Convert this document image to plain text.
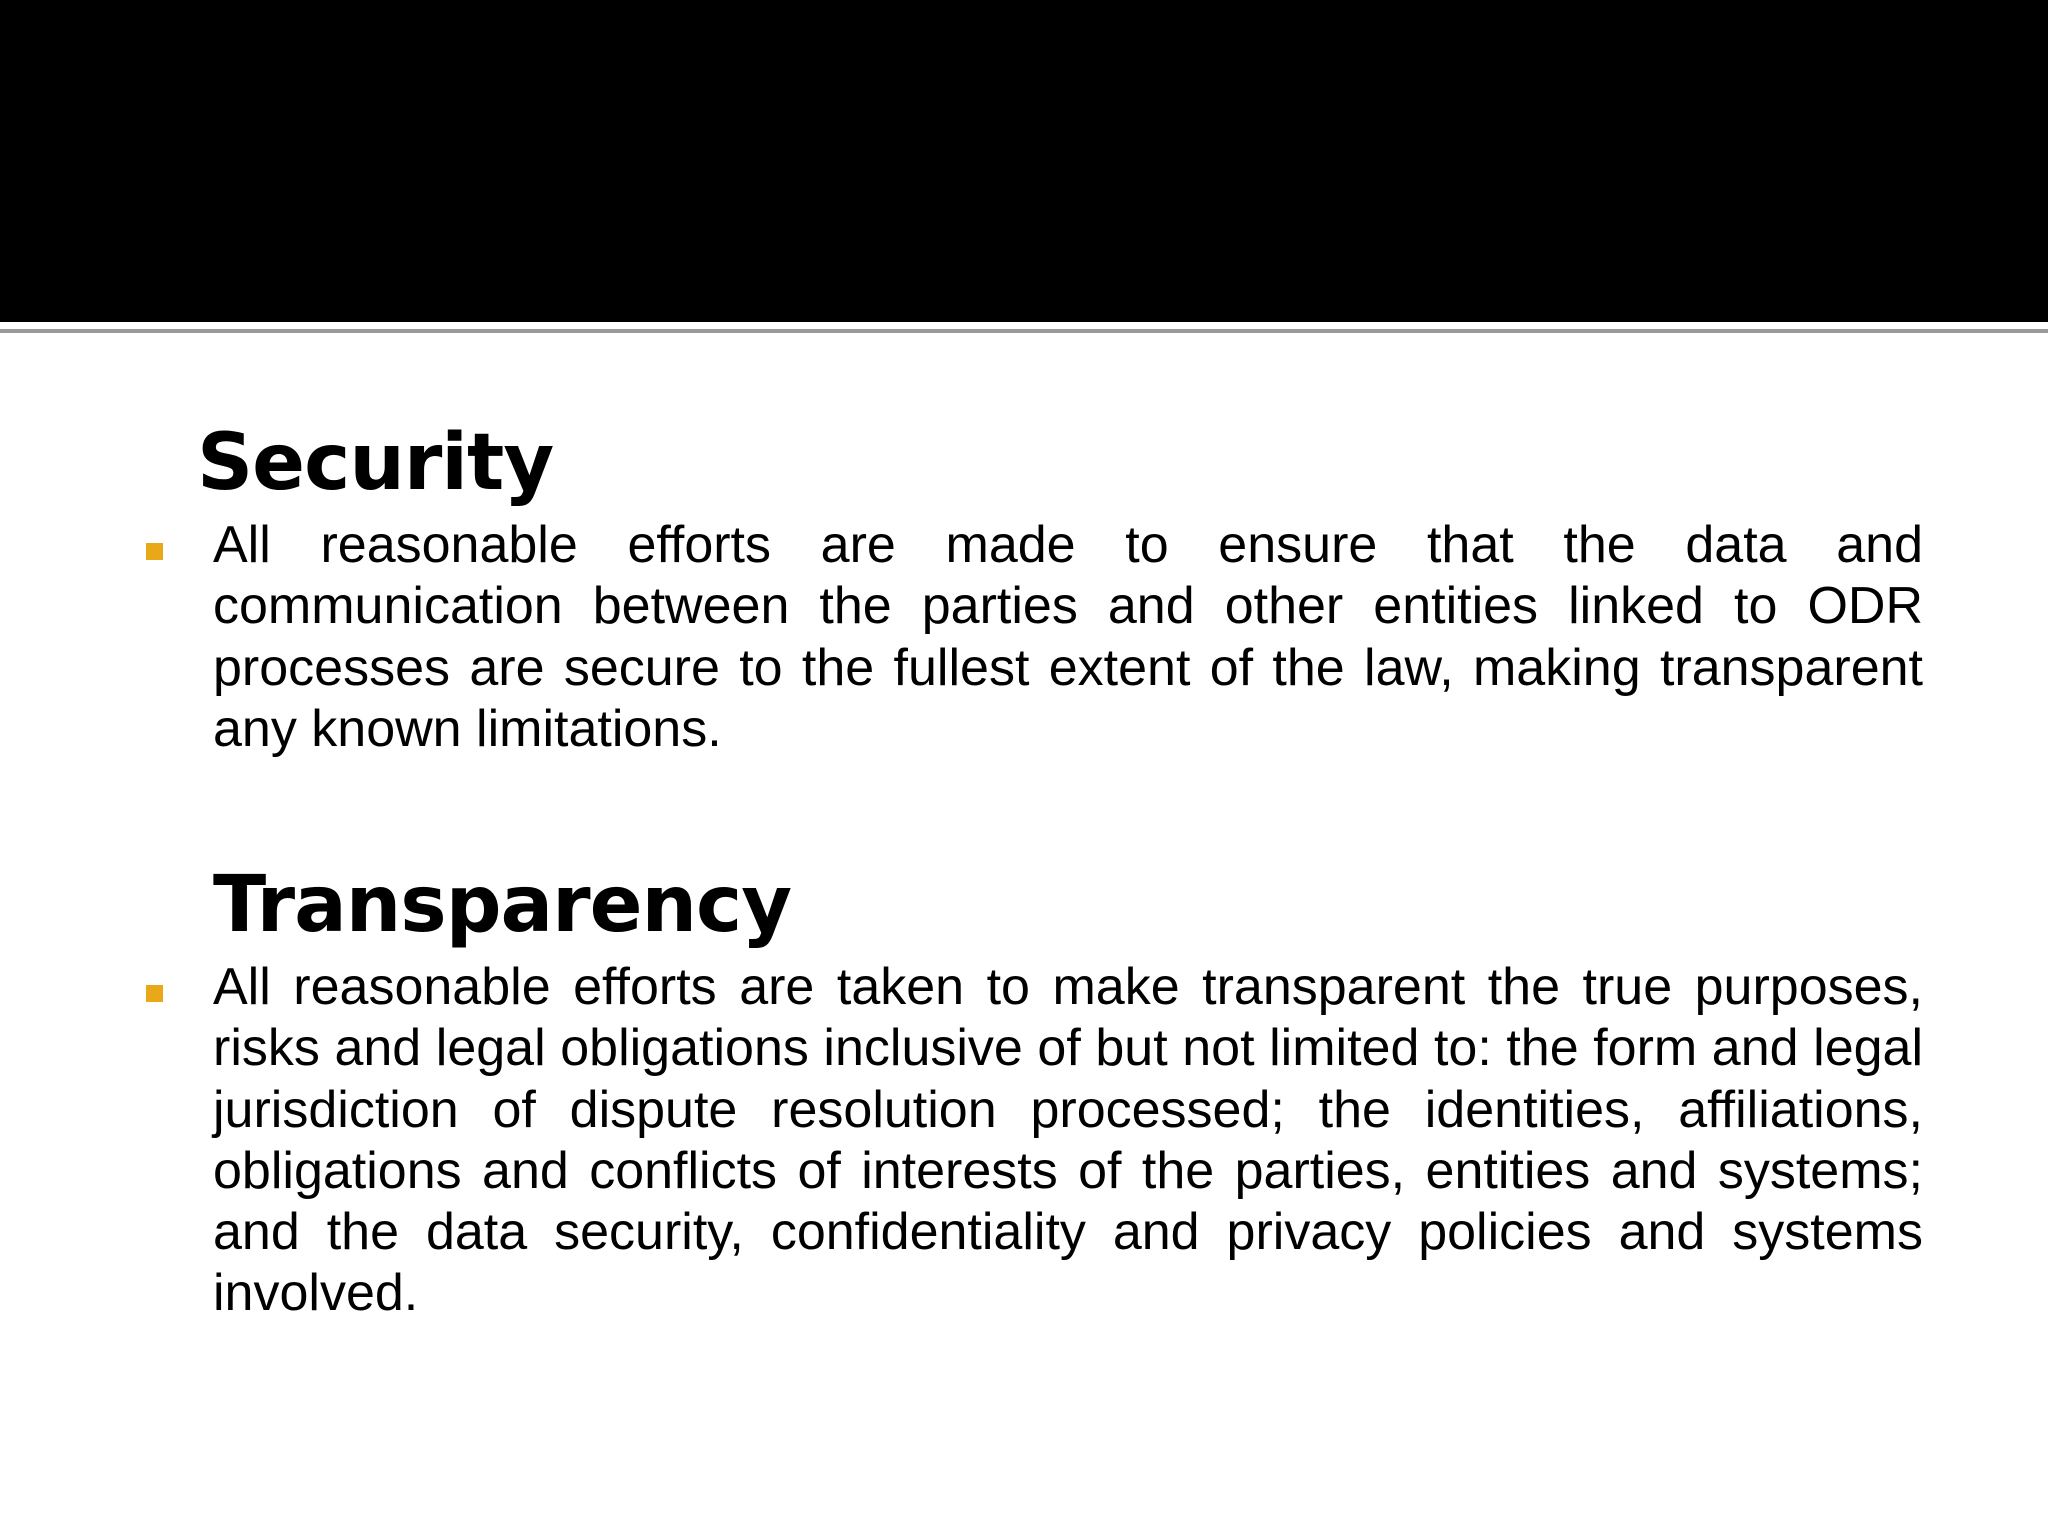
Security

All reasonable efforts are made to ensure that the data and communication between the parties and other entities linked to ODR processes are secure to the fullest extent of the law, making transparent any known limitations.

Transparency

All reasonable efforts are taken to make transparent the true purposes, risks and legal obligations inclusive of but not limited to: the form and legal jurisdiction of dispute resolution processed; the identities, affiliations, obligations and conflicts of interests of the parties, entities and systems; and the data security, confidentiality and privacy policies and systems involved.
